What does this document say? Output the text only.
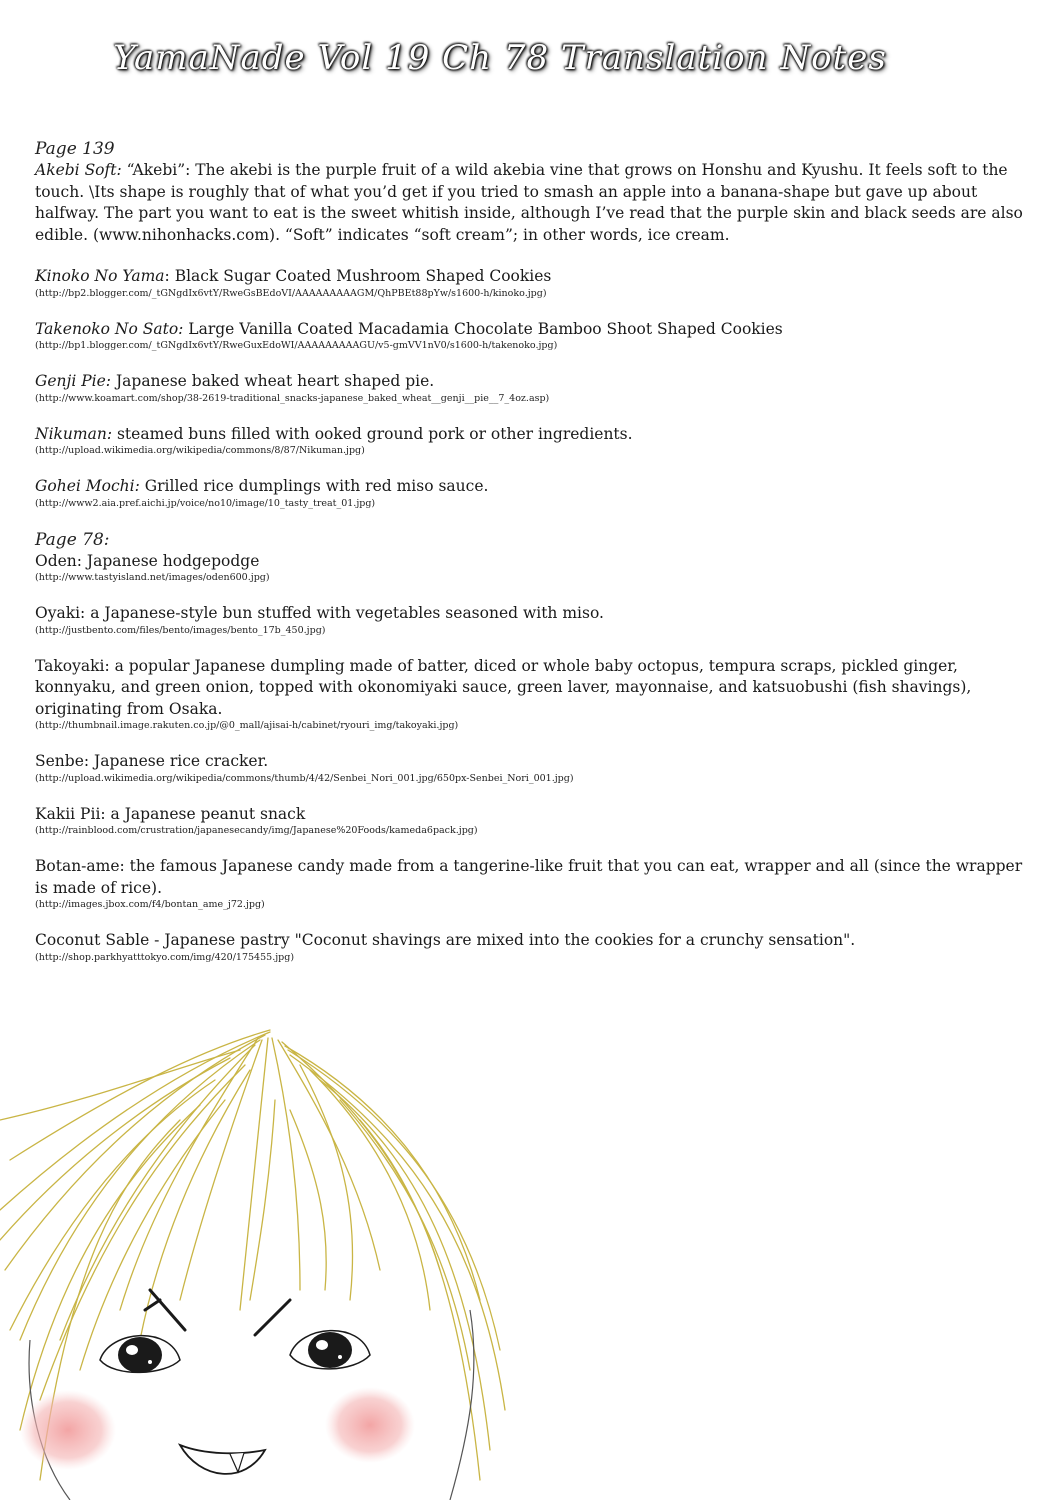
YamaNade Vol 19 Ch 78 Translation Notes
Page 139
Akebi Soft: “Akebi”: The akebi is the purple fruit of a wild akebia vine that grows on Honshu and Kyushu. It feels soft to the touch. \Its shape is roughly that of what you’d get if you tried to smash an apple into a banana-shape but gave up about halfway. The part you want to eat is the sweet whitish inside, although I’ve read that the purple skin and black seeds are also edible. (www.nihonhacks.com). “Soft” indicates “soft cream”; in other words, ice cream.
Kinoko No Yama: Black Sugar Coated Mushroom Shaped Cookies
(http://bp2.blogger.com/_tGNgdIx6vtY/RweGsBEdoVI/AAAAAAAAAGM/QhPBEt88pYw/s1600-h/kinoko.jpg)
Takenoko No Sato: Large Vanilla Coated Macadamia Chocolate Bamboo Shoot Shaped Cookies
(http://bp1.blogger.com/_tGNgdIx6vtY/RweGuxEdoWI/AAAAAAAAAGU/v5-gmVV1nV0/s1600-h/takenoko.jpg)
Genji Pie: Japanese baked wheat heart shaped pie.
(http://www.koamart.com/shop/38-2619-traditional_snacks-japanese_baked_wheat__genji__pie__7_4oz.asp)
Nikuman: steamed buns filled with ooked ground pork or other ingredients.
(http://upload.wikimedia.org/wikipedia/commons/8/87/Nikuman.jpg)
Gohei Mochi: Grilled rice dumplings with red miso sauce.
(http://www2.aia.pref.aichi.jp/voice/no10/image/10_tasty_treat_01.jpg)
Page 78:
Oden: Japanese hodgepodge
(http://www.tastyisland.net/images/oden600.jpg)
Oyaki: a Japanese-style bun stuffed with vegetables seasoned with miso.
(http://justbento.com/files/bento/images/bento_17b_450.jpg)
Takoyaki: a popular Japanese dumpling made of batter, diced or whole baby octopus, tempura scraps, pickled ginger, konnyaku, and green onion, topped with okonomiyaki sauce, green laver, mayonnaise, and katsuobushi (fish shavings), originating from Osaka.
(http://thumbnail.image.rakuten.co.jp/@0_mall/ajisai-h/cabinet/ryouri_img/takoyaki.jpg)
Senbe: Japanese rice cracker.
(http://upload.wikimedia.org/wikipedia/commons/thumb/4/42/Senbei_Nori_001.jpg/650px-Senbei_Nori_001.jpg)
Kakii Pii: a Japanese peanut snack
(http://rainblood.com/crustration/japanesecandy/img/Japanese%20Foods/kameda6pack.jpg)
Botan-ame: the famous Japanese candy made from a tangerine-like fruit that you can eat, wrapper and all (since the wrapper is made of rice).
(http://images.jbox.com/f4/bontan_ame_j72.jpg)
Coconut Sable - Japanese pastry "Coconut shavings are mixed into the cookies for a crunchy sensation".
(http://shop.parkhyatttokyo.com/img/420/175455.jpg)
